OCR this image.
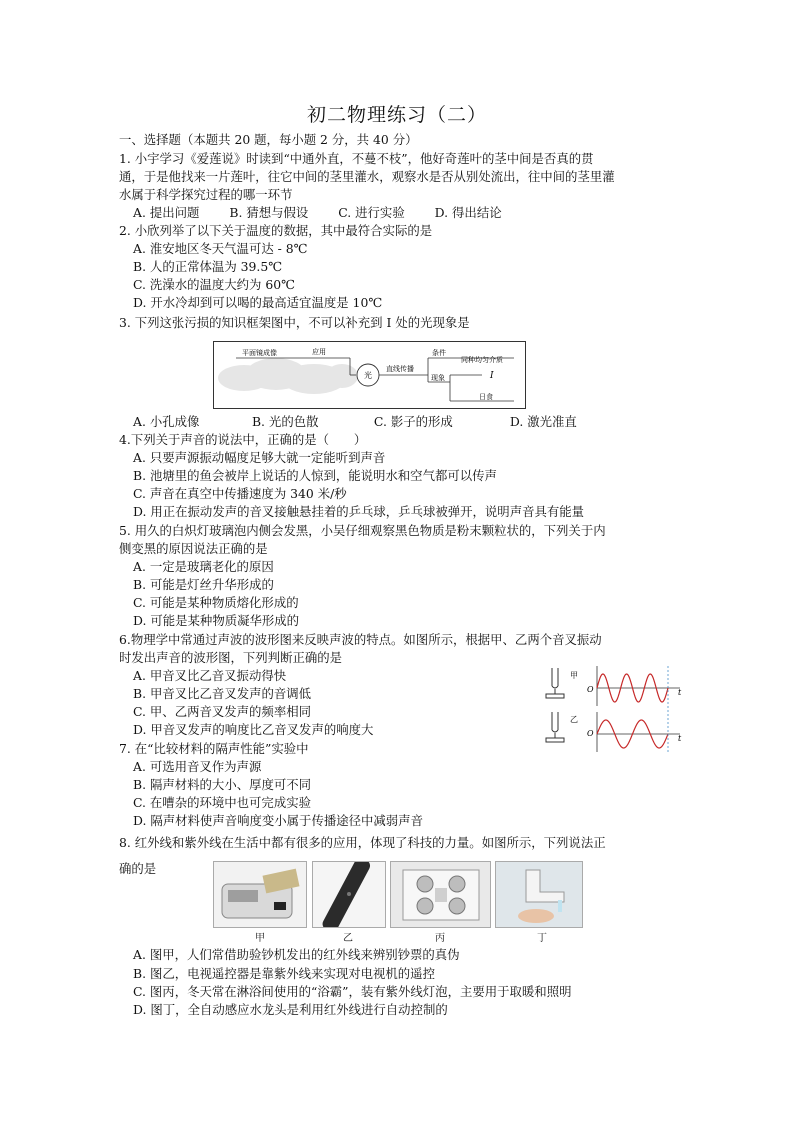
初二物理练习（二）
一、选择题（本题共 20 题，每小题 2 分，共 40 分）
1. 小宇学习《爱莲说》时读到“中通外直，不蔓不枝”，他好奇莲叶的茎中间是否真的贯
通，于是他找来一片莲叶，往它中间的茎里灌水，观察水是否从别处流出，往中间的茎里灌
水属于科学探究过程的哪一环节
A. 提出问题 B. 猜想与假设 C. 进行实验 D. 得出结论
2. 小欣列举了以下关于温度的数据，其中最符合实际的是
A. 淮安地区冬天气温可达 - 8℃
B. 人的正常体温为 39.5℃
C. 洗澡水的温度大约为 60℃
D. 开水冷却到可以喝的最高适宜温度是 10℃
3. 下列这张污损的知识框架图中，不可以补充到 I 处的光现象是
平面镜成像	应用
光
直线传播
条件
同种均匀介质
现象	I
日食
A. 小孔成像	B. 光的色散	C. 影子的形成	D. 激光准直
4.下列关于声音的说法中，正确的是（　　）
A. 只要声源振动幅度足够大就一定能听到声音
B. 池塘里的鱼会被岸上说话的人惊到，能说明水和空气都可以传声
C. 声音在真空中传播速度为 340 米/秒
D. 用正在振动发声的音叉接触悬挂着的乒乓球，乒乓球被弹开，说明声音具有能量
5. 用久的白炽灯玻璃泡内侧会发黑，小吴仔细观察黑色物质是粉末颗粒状的，下列关于内
侧变黑的原因说法正确的是
A. 一定是玻璃老化的原因
B. 可能是灯丝升华形成的
C. 可能是某种物质熔化形成的
D. 可能是某种物质凝华形成的
6.物理学中常通过声波的波形图来反映声波的特点。如图所示，根据甲、乙两个音叉振动
时发出声音的波形图，下列判断正确的是
A. 甲音叉比乙音叉振动得快
B. 甲音叉比乙音叉发声的音调低
C. 甲、乙两音叉发声的频率相同
D. 甲音叉发声的响度比乙音叉发声的响度大
甲
O	t
乙
O
t
7. 在“比较材料的隔声性能”实验中
A. 可选用音叉作为声源
B. 隔声材料的大小、厚度可不同
C. 在嘈杂的环境中也可完成实验
D. 隔声材料使声音响度变小属于传播途径中减弱声音
8. 红外线和紫外线在生活中都有很多的应用，体现了科技的力量。如图所示，下列说法正
确的是
甲	乙	丙	丁
A. 图甲，人们常借助验钞机发出的红外线来辨别钞票的真伪
B. 图乙，电视遥控器是靠紫外线来实现对电视机的遥控
C. 图丙，冬天常在淋浴间使用的“浴霸”，装有紫外线灯泡，主要用于取暖和照明
D. 图丁，全自动感应水龙头是利用红外线进行自动控制的
